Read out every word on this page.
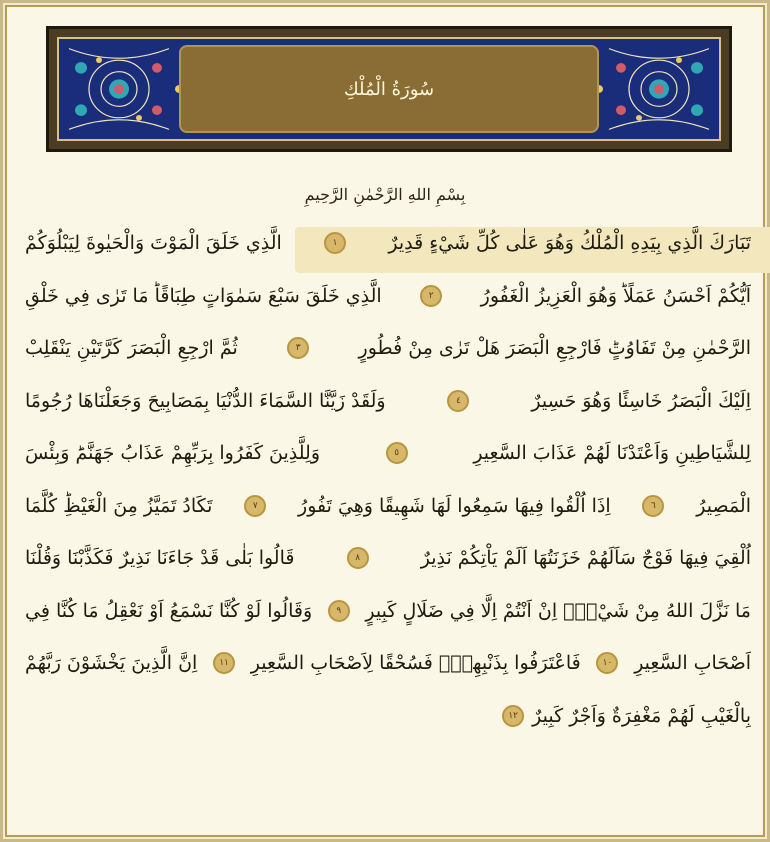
سُورَةُ الْمُلْكِ
بِسْمِ اللهِ الرَّحْمٰنِ الرَّحِيمِ
تَبَارَكَ الَّذِي بِيَدِهِ الْمُلْكُ وَهُوَ عَلٰى كُلِّ شَيْءٍ قَدِيرٌ
١
الَّذِي خَلَقَ الْمَوْتَ وَالْحَيٰوةَ لِيَبْلُوَكُمْ
اَيُّكُمْ اَحْسَنُ عَمَلًاؕ وَهُوَ الْعَزِيزُ الْغَفُورُ
٢
الَّذِي خَلَقَ سَبْعَ سَمٰوَاتٍ طِبَاقًاؕ مَا تَرٰى فِي خَلْقِ
الرَّحْمٰنِ مِنْ تَفَاوُتٍؕ فَارْجِعِ الْبَصَرَ هَلْ تَرٰى مِنْ فُطُورٍ
٣
ثُمَّ ارْجِعِ الْبَصَرَ كَرَّتَيْنِ يَنْقَلِبْ
اِلَيْكَ الْبَصَرُ خَاسِئًا وَهُوَ حَسِيرٌ
٤
وَلَقَدْ زَيَّنَّا السَّمَاءَ الدُّنْيَا بِمَصَابِيحَ وَجَعَلْنَاهَا رُجُومًا
لِلشَّيَاطِينِ وَاَعْتَدْنَا لَهُمْ عَذَابَ السَّعِيرِ
٥
وَلِلَّذِينَ كَفَرُوا بِرَبِّهِمْ عَذَابُ جَهَنَّمَؕ وَبِئْسَ
الْمَصِيرُ
٦
اِذَا اُلْقُوا فِيهَا سَمِعُوا لَهَا شَهِيقًا وَهِيَ تَفُورُ
٧
تَكَادُ تَمَيَّزُ مِنَ الْغَيْظِؕ كُلَّمَا
اُلْقِيَ فِيهَا فَوْجٌ سَاَلَهُمْ خَزَنَتُهَا اَلَمْ يَاْتِكُمْ نَذِيرٌ
٨
قَالُوا بَلٰى قَدْ جَاءَنَا نَذِيرٌ فَكَذَّبْنَا وَقُلْنَا
مَا نَزَّلَ اللهُ مِنْ شَيْءٍۚ اِنْ اَنْتُمْ اِلَّا فِي ضَلَالٍ كَبِيرٍ
٩
وَقَالُوا لَوْ كُنَّا نَسْمَعُ اَوْ نَعْقِلُ مَا كُنَّا فِي
اَصْحَابِ السَّعِيرِ
١٠
فَاعْتَرَفُوا بِذَنْبِهِمْۚ فَسُحْقًا لِاَصْحَابِ السَّعِيرِ
١١
اِنَّ الَّذِينَ يَخْشَوْنَ رَبَّهُمْ
بِالْغَيْبِ لَهُمْ مَغْفِرَةٌ وَاَجْرٌ كَبِيرٌ
١٢
